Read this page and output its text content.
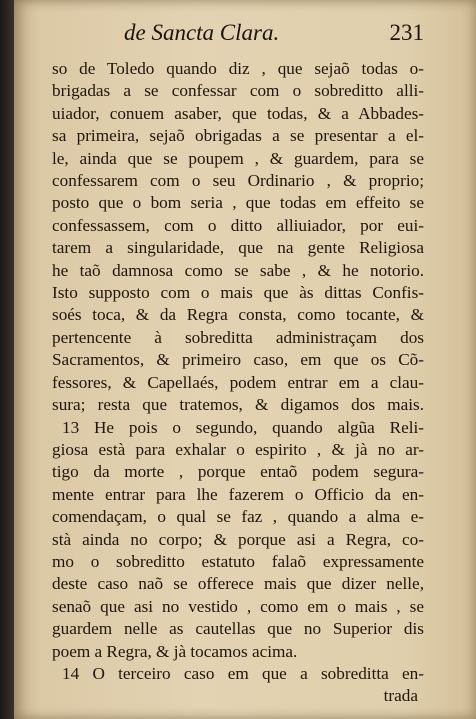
de Sancta Clara.	231
so de Toledo quando diz , que sejaõ todas o-
brigadas a se confessar com o sobreditto alli-
uiador, conuem asaber, que todas, & a Abbades-
sa primeira, sejaõ obrigadas a se presentar a el-
le, ainda que se poupem , & guardem, para se
confessarem com o seu Ordinario , & proprio;
posto que o bom seria , que todas em effeito se
confessassem, com o ditto alliuiador, por eui-
tarem a singularidade, que na gente Religiosa
he taõ damnosa como se sabe , & he notorio.
Isto supposto com o mais que às dittas Confis-
soés toca, & da Regra consta, como tocante, &
pertencente à sobreditta administraçam dos
Sacramentos, & primeiro caso, em que os Cõ-
fessores, & Capellaés, podem entrar em a clau-
sura; resta que tratemos, & digamos dos mais.
13 He pois o segundo, quando algũa Reli-
giosa està para exhalar o espirito , & jà no ar-
tigo da morte , porque entaõ podem segura-
mente entrar para lhe fazerem o Officio da en-
comendaçam, o qual se faz , quando a alma e-
stà ainda no corpo; & porque asi a Regra, co-
mo o sobreditto estatuto falaõ expressamente
deste caso naõ se offerece mais que dizer nelle,
senaõ que asi no vestido , como em o mais , se
guardem nelle as cautellas que no Superior dis
poem a Regra, & jà tocamos acima.
14 O terceiro caso em que a sobreditta en-
trada
